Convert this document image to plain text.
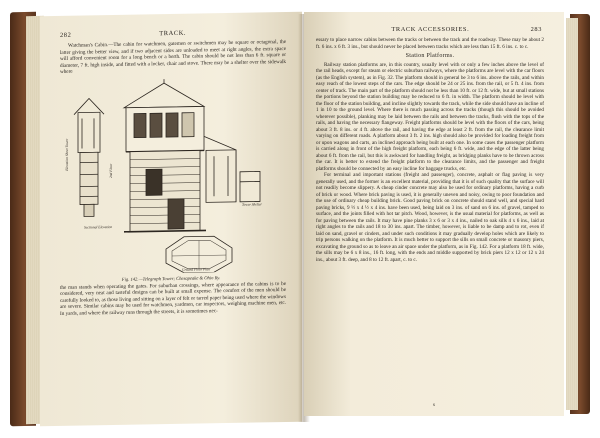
282	TRACK.

Watchman's Cabin.—The cabin for watchmen, gatemen or switchmen may be square or octagonal, the latter giving the better view, and if two adjacent sides are unloaded to meet at right angles, the extra space will afford convenient room for a long bench or a berth. The cabin should be not less than 6 ft. square or diameter, 7 ft. high inside, and fitted with a locker, chair and stove. There may be a shelter over the sidewalk where

Elevation Sheet Tower	2nd Floor
Tower Shelter
Sectional Elevation
Ground Floor Plan
Fig. 142.—Telegraph Tower; Chesapeake & Ohio Ry.

the man stands when operating the gates. For suburban crossings, where appearance of the cabins is to be considered, very neat and tasteful designs can be built at small expense. The comfort of the men should be carefully looked to, as those living and sitting on a layer of felt or tarred paper being used where the windows are severe. Similar cabins may be used for watchmen, yardmen, car inspectors, weighing machine men, etc. In yards, and where the railway runs through the streets, it is sometimes nec-

TRACK ACCESSORIES.	283

essary to place narrow cabins between the tracks or between the track and the roadway. These may be about 2 ft. 6 ins. x 6 ft. 3 ins., but should never be placed between tracks which are less than 15 ft. 6 ins. c. to c.

Station Platforms.

Railway station platforms are, in this country, usually level with or only a few inches above the level of the rail heads, except for steam or electric suburban railways, where the platforms are level with the car floors (as the English system), as in Fig. 32. The platform should in general be 3 to 6 ins. above the rails, and within easy reach of the lowest steps of the cars. The edge should be 24 or 25 ins. from the rail, or 5 ft. 4 ins. from center of track. The main part of the platform should not be less than 10 ft. or 12 ft. wide, but at small stations the portions beyond the station building may be reduced to 6 ft. in width. The platform should be level with the floor of the station building, and incline slightly towards the track, while the side should have an incline of 1 in 10 to the ground level. Where there is much passing across the tracks (though this should be avoided wherever possible), planking may be laid between the rails and between the tracks, flush with the tops of the rails, and having the necessary flangeway. Freight platforms should be level with the floors of the cars, being about 3 ft. 8 ins. or 4 ft. above the rail, and having the edge at least 2 ft. from the rail, the clearance limit varying on different roads. A platform about 3 ft. 2 ins. high should also be provided for loading freight from or upon wagons and carts, an inclined approach being built at each one. In some cases the passenger platform is carried along in front of the high freight platform, each being 6 ft. wide, and the edge of the latter being about 6 ft. from the rail, but this is awkward for handling freight, as bridging planks have to be thrown across the car. It is better to extend the freight platform to the clearance limits, and the passenger and freight platforms should be connected by an easy incline for baggage trucks, etc.

For terminal and important stations (freight and passenger), concrete, asphalt or flag paving is very generally used, and the former is an excellent material, providing that it is of such quality that the surface will not readily become slippery. A cheap cinder concrete may also be used for ordinary platforms, having a curb of brick or wood. Where brick paving is used, it is generally uneven and noisy, owing to poor foundation and the use of ordinary cheap building brick. Good paving brick on concrete should stand well, and special hard paving bricks, 9 ½ x 4 ½ x 4 ins. have been used, being laid on 3 ins. of sand on 6 ins. of gravel, tamped to surface, and the joints filled with hot tar pitch. Wood, however, is the usual material for platforms, as well as for paving between the rails. It may have pine planks 3 x 6 or 3 x 4 ins., nailed to oak sills 4 x 6 ins., laid at right angles to the rails and 18 to 30 ins. apart. The timber, however, is liable to be damp and to rot, even if laid on sand, gravel or cinders, and under such conditions it may gradually develop holes which are likely to trip persons walking on the platform. It is much better to support the sills on small concrete or masonry piers, excavating the ground so as to leave an air space under the platform, as in Fig. 142. For a platform 18 ft. wide, the sills may be 6 x 8 ins., 16 ft. long, with the ends and middle supported by brick piers 12 x 12 or 12 x 24 ins., about 3 ft. deep, and 8 to 12 ft. apart, c. to c.

s
